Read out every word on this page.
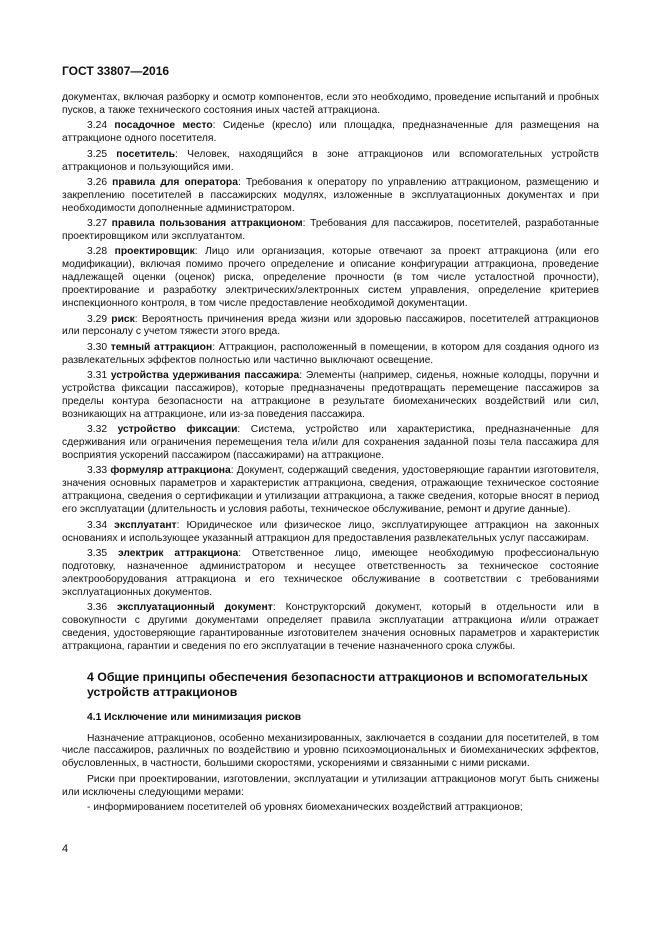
ГОСТ 33807—2016

документах, включая разборку и осмотр компонентов, если это необходимо, проведение испытаний и пробных пусков, а также технического состояния иных частей аттракциона.

3.24 посадочное место: Сиденье (кресло) или площадка, предназначенные для размещения на аттракционе одного посетителя.

3.25 посетитель: Человек, находящийся в зоне аттракционов или вспомогательных устройств аттракционов и пользующийся ими.

3.26 правила для оператора: Требования к оператору по управлению аттракционом, размещению и закреплению посетителей в пассажирских модулях, изложенные в эксплуатационных документах и при необходимости дополненные администратором.

3.27 правила пользования аттракционом: Требования для пассажиров, посетителей, разработанные проектировщиком или эксплуатантом.

3.28 проектировщик: Лицо или организация, которые отвечают за проект аттракциона (или его модификации), включая помимо прочего определение и описание конфигурации аттракциона, проведение надлежащей оценки (оценок) риска, определение прочности (в том числе усталостной прочности), проектирование и разработку электрических/электронных систем управления, определение критериев инспекционного контроля, в том числе предоставление необходимой документации.

3.29 риск: Вероятность причинения вреда жизни или здоровью пассажиров, посетителей аттракционов или персоналу с учетом тяжести этого вреда.

3.30 темный аттракцион: Аттракцион, расположенный в помещении, в котором для создания одного из развлекательных эффектов полностью или частично выключают освещение.

3.31 устройства удерживания пассажира: Элементы (например, сиденья, ножные колодцы, поручни и устройства фиксации пассажиров), которые предназначены предотвращать перемещение пассажиров за пределы контура безопасности на аттракционе в результате биомеханических воздействий или сил, возникающих на аттракционе, или из-за поведения пассажира.

3.32 устройство фиксации: Система, устройство или характеристика, предназначенные для сдерживания или ограничения перемещения тела и/или для сохранения заданной позы тела пассажира для восприятия ускорений пассажиром (пассажирами) на аттракционе.

3.33 формуляр аттракциона: Документ, содержащий сведения, удостоверяющие гарантии изготовителя, значения основных параметров и характеристик аттракциона, сведения, отражающие техническое состояние аттракциона, сведения о сертификации и утилизации аттракциона, а также сведения, которые вносят в период его эксплуатации (длительность и условия работы, техническое обслуживание, ремонт и другие данные).

3.34 эксплуатант: Юридическое или физическое лицо, эксплуатирующее аттракцион на законных основаниях и использующее указанный аттракцион для предоставления развлекательных услуг пассажирам.

3.35 электрик аттракциона: Ответственное лицо, имеющее необходимую профессиональную подготовку, назначенное администратором и несущее ответственность за техническое состояние электрооборудования аттракциона и его техническое обслуживание в соответствии с требованиями эксплуатационных документов.

3.36 эксплуатационный документ: Конструкторский документ, который в отдельности или в совокупности с другими документами определяет правила эксплуатации аттракциона и/или отражает сведения, удостоверяющие гарантированные изготовителем значения основных параметров и характеристик аттракциона, гарантии и сведения по его эксплуатации в течение назначенного срока службы.

4 Общие принципы обеспечения безопасности аттракционов и вспомогательных устройств аттракционов
4.1 Исключение или минимизация рисков

Назначение аттракционов, особенно механизированных, заключается в создании для посетителей, в том числе пассажиров, различных по воздействию и уровню психоэмоциональных и биомеханических эффектов, обусловленных, в частности, большими скоростями, ускорениями и связанными с ними рисками.

Риски при проектировании, изготовлении, эксплуатации и утилизации аттракционов могут быть снижены или исключены следующими мерами:

- информированием посетителей об уровнях биомеханических воздействий аттракционов;

4
